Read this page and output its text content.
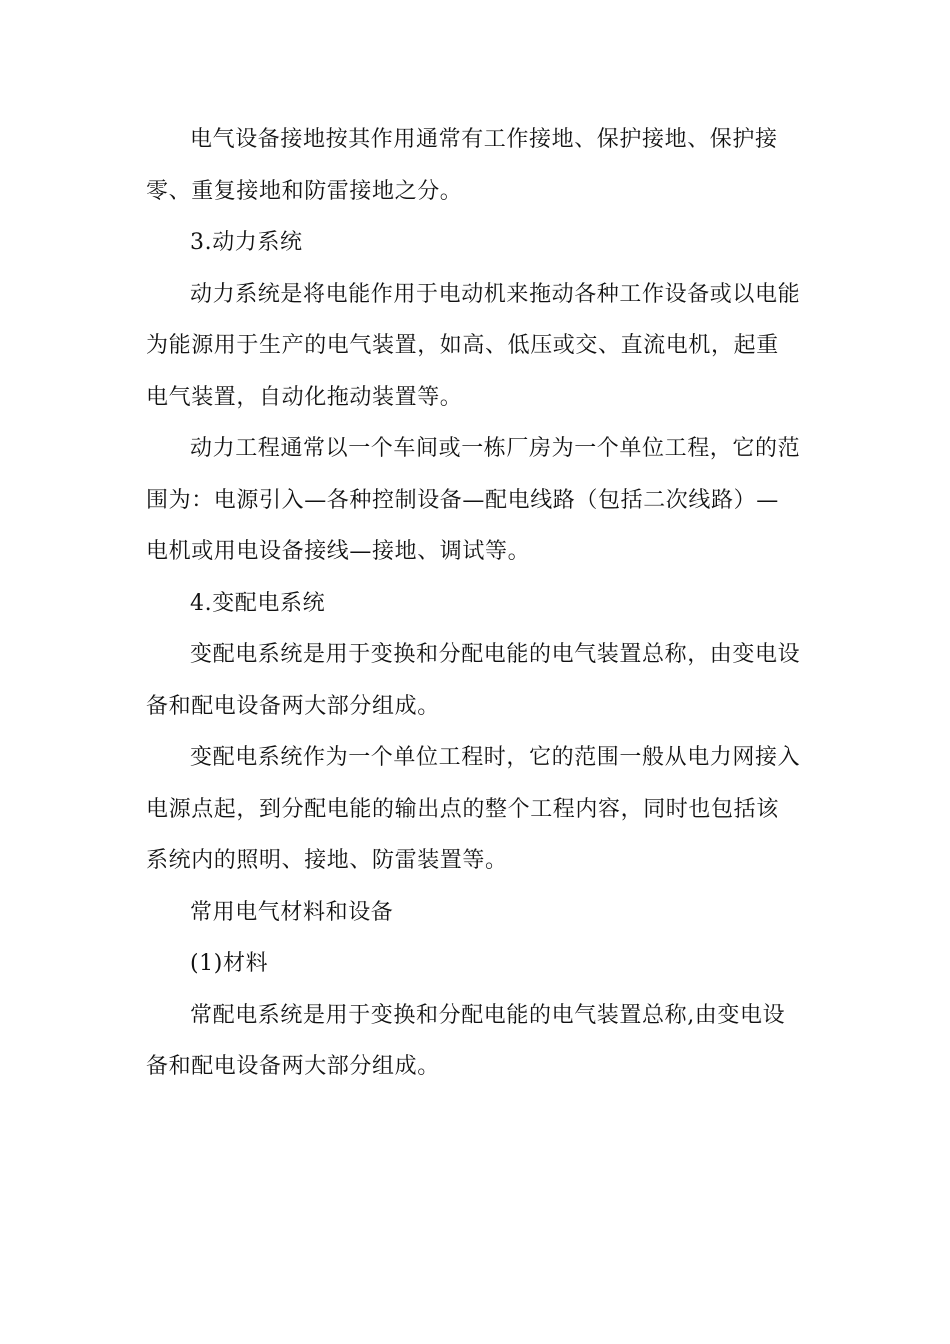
电气设备接地按其作用通常有工作接地、保护接地、保护接零、重复接地和防雷接地之分。

3.动力系统

动力系统是将电能作用于电动机来拖动各种工作设备或以电能为能源用于生产的电气装置，如高、低压或交、直流电机，起重电气装置，自动化拖动装置等。

动力工程通常以一个车间或一栋厂房为一个单位工程，它的范围为：电源引入—各种控制设备—配电线路（包括二次线路）—电机或用电设备接线—接地、调试等。

4.变配电系统

变配电系统是用于变换和分配电能的电气装置总称，由变电设备和配电设备两大部分组成。

变配电系统作为一个单位工程时，它的范围一般从电力网接入电源点起，到分配电能的输出点的整个工程内容，同时也包括该系统内的照明、接地、防雷装置等。

常用电气材料和设备

(1)材料

常配电系统是用于变换和分配电能的电气装置总称,由变电设备和配电设备两大部分组成。
